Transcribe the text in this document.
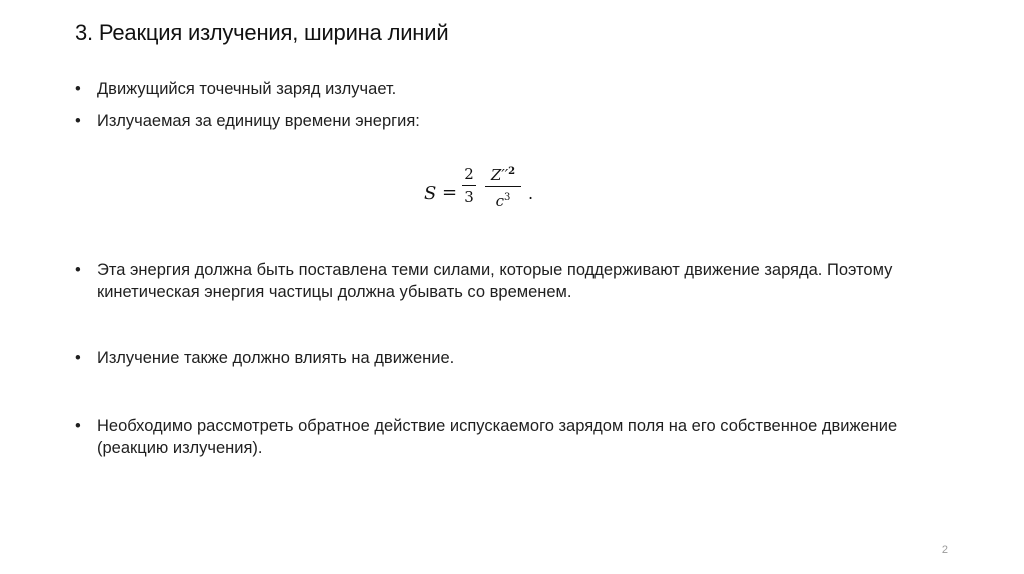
3. Реакция излучения, ширина линий
• Движущийся точечный заряд излучает.
• Излучаемая за единицу времени энергия:
S =
2
3
$Z''^2$
$c^3$	.
• Эта энергия должна быть поставлена теми силами, которые поддерживают движение заряда. Поэтому кинетическая энергия частицы должна убывать со временем.
• Излучение также должно влиять на движение.
• Необходимо рассмотреть обратное действие испускаемого зарядом поля на его собственное движение (реакцию излучения).
2
